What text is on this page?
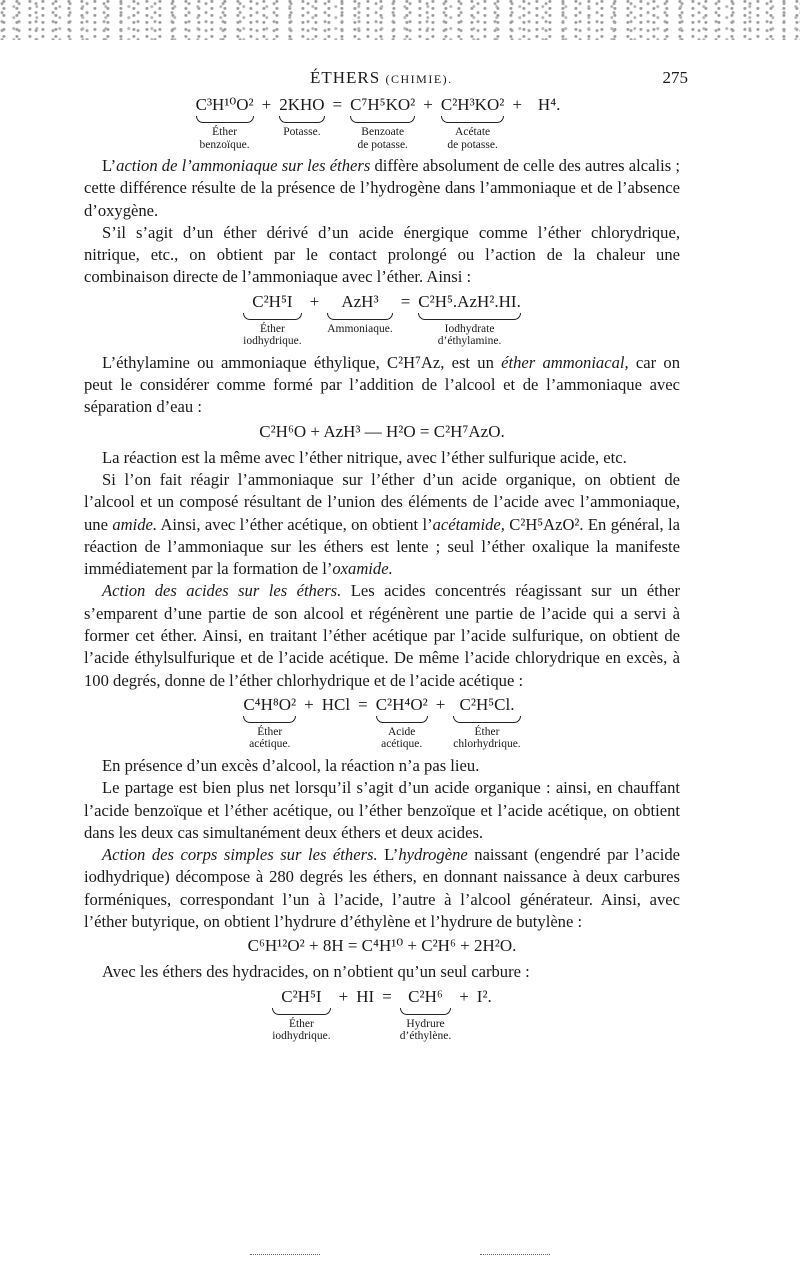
ÉTHERS (CHIMIE).	275
C³H¹⁰O²
Éther
benzoïque.
+ 2KHO
Potasse.
= C⁷H⁵KO²
Benzoate
de potasse.
+ C²H³KO²
Acétate
de potasse.
+ H⁴.

L’action de l’ammoniaque sur les éthers diffère absolument de celle des autres alcalis ; cette différence résulte de la présence de l’hydrogène dans l’ammoniaque et de l’absence d’oxygène.

S’il s’agit d’un éther dérivé d’un acide énergique comme l’éther chlorydrique, nitrique, etc., on obtient par le contact prolongé ou l’action de la chaleur une combinaison directe de l’ammoniaque avec l’éther. Ainsi :

C²H⁵I
Éther
iodhydrique.
+	AzH³
Ammoniaque.
= C²H⁵.AzH².HI.
Iodhydrate
d’éthylamine.

L’éthylamine ou ammoniaque éthylique, C²H⁷Az, est un éther ammoniacal, car on peut le considérer comme formé par l’addition de l’alcool et de l’ammoniaque avec séparation d’eau :

C²H⁶O + AzH³ — H²O = C²H⁷AzO.

La réaction est la même avec l’éther nitrique, avec l’éther sulfurique acide, etc.

Si l’on fait réagir l’ammoniaque sur l’éther d’un acide organique, on obtient de l’alcool et un composé résultant de l’union des éléments de l’acide avec l’ammoniaque, une amide. Ainsi, avec l’éther acétique, on obtient l’acétamide, C²H⁵AzO². En général, la réaction de l’ammoniaque sur les éthers est lente ; seul l’éther oxalique la manifeste immédiatement par la formation de l’oxamide.

Action des acides sur les éthers. Les acides concentrés réagissant sur un éther s’emparent d’une partie de son alcool et régénèrent une partie de l’acide qui a servi à former cet éther. Ainsi, en traitant l’éther acétique par l’acide sulfurique, on obtient de l’acide éthylsulfurique et de l’acide acétique. De même l’acide chlorydrique en excès, à 100 degrés, donne de l’éther chlorhydrique et de l’acide acétique :

C⁴H⁸O²
Éther
acétique.
+ HCl = C²H⁴O²
Acide
acétique.
+ C²H⁵Cl.
Éther
chlorhydrique.

En présence d’un excès d’alcool, la réaction n’a pas lieu.

Le partage est bien plus net lorsqu’il s’agit d’un acide organique : ainsi, en chauffant l’acide benzoïque et l’éther acétique, ou l’éther benzoïque et l’acide acétique, on obtient dans les deux cas simultanément deux éthers et deux acides.

Action des corps simples sur les éthers. L’hydrogène naissant (engendré par l’acide iodhydrique) décompose à 280 degrés les éthers, en donnant naissance à deux carbures forméniques, correspondant l’un à l’acide, l’autre à l’alcool générateur. Ainsi, avec l’éther butyrique, on obtient l’hydrure d’éthylène et l’hydrure de butylène :

C⁶H¹²O² + 8H = C⁴H¹⁰ + C²H⁶ + 2H²O.

Avec les éthers des hydracides, on n’obtient qu’un seul carbure :

C²H⁵I
Éther
iodhydrique.
+ HI = C²H⁶
Hydrure
d’éthylène.
+ I².
